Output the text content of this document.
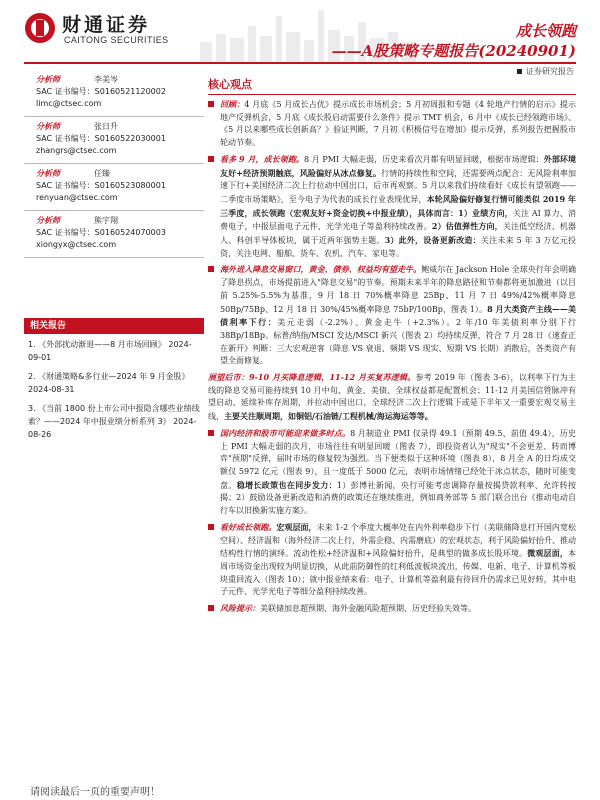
财通证券
CAITONG SECURITIES	成长领跑
——A股策略专题报告(20240901)
证券研究报告
分析师	李美岑
SAC 证书编号：S0160521120002
limc@ctsec.com
分析师	张日升
SAC 证书编号：S0160522030001
zhangrs@ctsec.com
分析师	任臻
SAC 证书编号：S0160523080001
renyuan@ctsec.com
分析师	熊宇翔
SAC 证书编号：S0160524070003
xiongyx@ctsec.com
相关报告
1. 《外部扰动渐退——8 月市场回顾》 2024-09-01
2. 《财通策略&多行业—2024 年 9 月金股》 2024-08-31
3. 《当前 1800 份上市公司中报隐含哪些业绩线索？——2024 年中报业绩分析系列 3》 2024-08-26
核心观点
回顾：4 月底《5 月成长占优》提示成长市场机会；5 月初周报和专题《4 轮地产行情的启示》提示地产反弹机会，5 月底《成长股启动需要什么条件》提示 TMT 机会，6 月中《成长已经领跑市场》、《5 月以来哪些成长创新高？》验证判断，7 月初《积极信号在增加》提示反弹，系列报告把握股市轮动节奏。
看多 9 月，成长领跑。8 月 PMI 大幅走弱，历史来看次月都有明显回暖，根据市场逻辑：外部环境友好+经济预期触底，风险偏好从冰点修复。行情的持续性和空间，还需要两点配合：无风险利率加速下行+美国经济二次上行拉动中国出口，后市再观察。5 月以来我们持续看好《成长有望领跑——二季度市场策略》，至今电子为代表的成长行业表现优异，本轮风险偏好修复行情可能类似 2019 年三季度，成长领跑（宏观友好+资金切换+中报业绩），具体而言：1）业绩方向，关注 AI 算力、消费电子，中报层面电子元件、光学光电子等盈利持续改善。2）估值弹性方向，关注低空经济、机器人、科创半导体板块，属于近两年强势主题。3）此外，设备更新改造：关注未来 5 年 3 万亿元投资，关注电网、船舶、货车、农机、汽车、家电等。
海外进入降息交易窗口，黄金、债券、权益均有望走牛。鲍威尔在 Jackson Hole 全球央行年会明确了降息拐点，市场提前进入"降息交易"的节奏。预期未来半年的降息路径和节奏都将更加激进（以目前 5.25%-5.5%为基准，9 月 18 日 70%概率降息 25Bp、11 月 7 日 49%/42%概率降息 50Bp/75Bp、12 月 18 日 30%/45%概率降息 75bP/100Bp，图表 1）。8 月大类资产主线——美债利率下行：美元走弱（-2.2%）、黄金走牛（+2.3%）。2 年/10 年美债利率分别下行 38Bp/18Bp。标普/纳指/MSCI 发达/MSCI 新兴（图表 2）均持续反弹，符合 7 月 28 日《速查正在新开》判断：三大宏观逆客（降息 VS 衰退、频期 VS 现实、短期 VS 长期）消散后，各类资产有望全面修复。
展望后市：9-10 月买降息逻辑，11-12 月买复苏逻辑。参考 2019 年（图表 3-6），以利率下行为主线的降息交易可能持续到 10 月中旬，黄金、美债、全球权益都是配置机会；11-12 月美国信管脉冲有望启动、延续补库存周期，并拉动中国出口，全球经济二次上行逻辑下或是下半年又一重要宏观交易主线，主要关注顺周期，如铜铝/石油链/工程机械/海运海运等等。
国内经济和股市可能迎来做多时点。8 月制造业 PMI 仅录得 49.1（预期 49.5、前值 49.4），历史上 PMI 大幅走弱的次月，市场往往有明显回暖（图表 7），即投资者认为"现实"不会更差、转而博弈"预期"反弹，届时市场的修复较为强烈。当下便类似于这种环境（图表 8），8 月全 A 的日均成交额仅 5972 亿元（图表 9），且一度低于 5000 亿元，表明市场情绪已经处于冰点状态，随时可能变盘。稳增长政策也在同步发力：1）彭博社新闻，央行可能考虑调降存量按揭贷款利率、允许转按揭；2）鼓励设备更新改造和消费的政策还在继续推进，例如商务部等 5 部门联合出台《推动电动自行车以旧换新实施方案》。
看好成长领跑。宏观层面，未来 1-2 个季度大概率处在内外利率稳步下行（美联储降息打开国内宽松空间）、经济温和（海外经济二次上行，外需企稳、内需磨底）的宏观状态，利于风险偏好抬升、推动结构性行情的演绎。流动性松+经济温和+风险偏好抬升，是典型的做多成长股环境。微观层面，本周市场资金出现较为明显切换，从此前防御性的红利低波板块流出，传媒、电新、电子、计算机等板块重回流入（图表 10）；就中报业绩来看：电子、计算机等盈利最有待回升仍需求已见好转，其中电子元件、光学光电子等细分盈利持续改善。
风险提示：美联储加息超预期、海外金融风险超预期、历史经验失效等。
请阅读最后一页的重要声明！
